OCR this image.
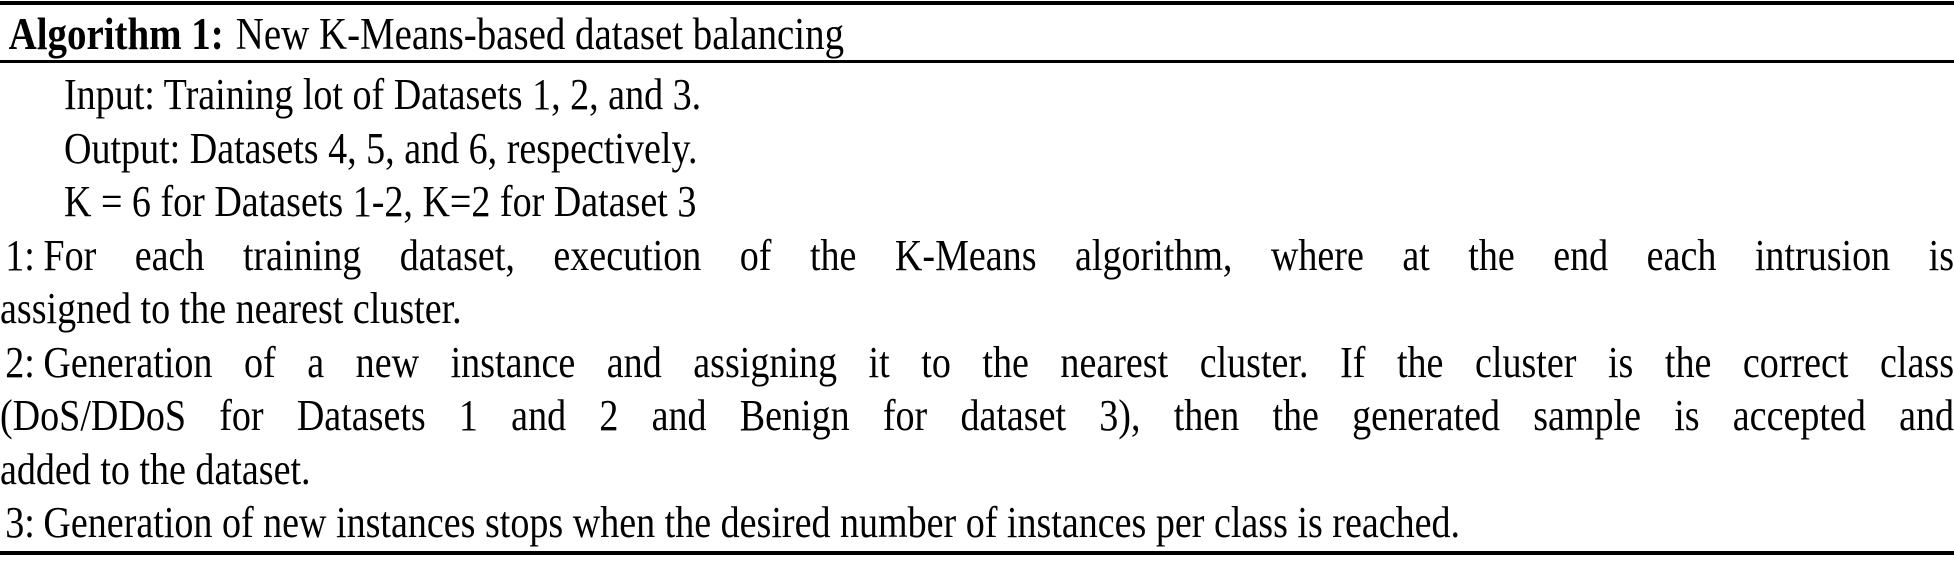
Algorithm 1: New K-Means-based dataset balancing
Input: Training lot of Datasets 1, 2, and 3.
Output: Datasets 4, 5, and 6, respectively.
K = 6 for Datasets 1-2, K=2 for Dataset 3
1: For each training dataset, execution of the K-Means algorithm, where at the end each intrusion is
assigned to the nearest cluster.
2: Generation of a new instance and assigning it to the nearest cluster. If the cluster is the correct class
(DoS/DDoS for Datasets 1 and 2 and Benign for dataset 3), then the generated sample is accepted and
added to the dataset.
3: Generation of new instances stops when the desired number of instances per class is reached.
